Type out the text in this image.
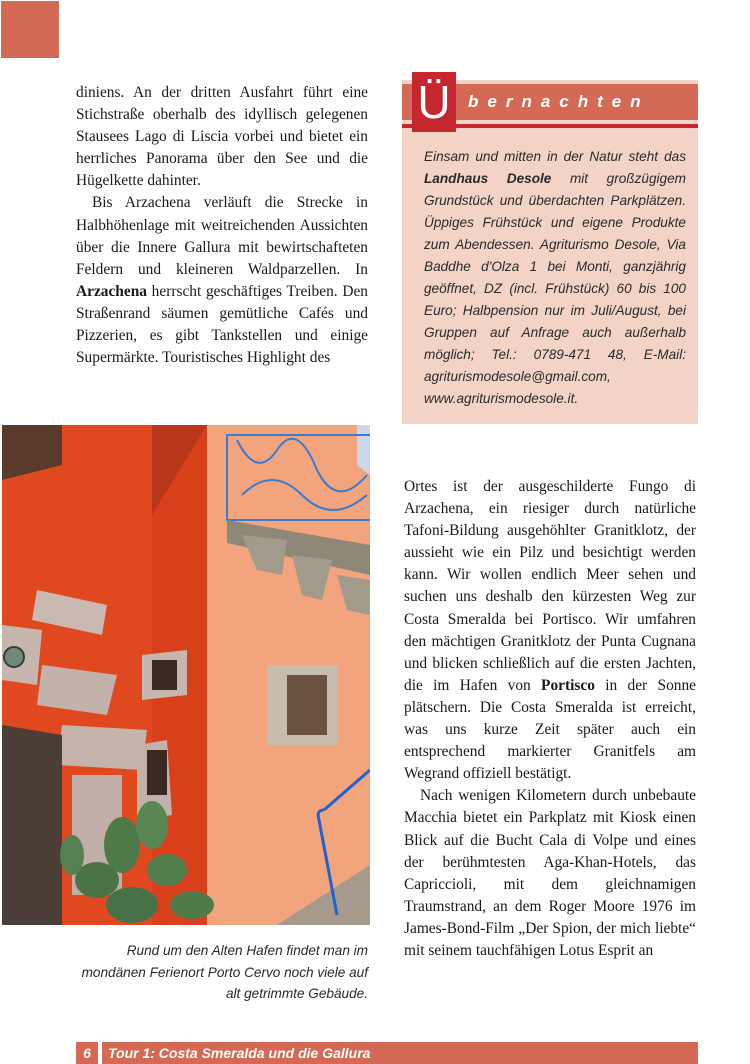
diniens. An der dritten Ausfahrt führt eine Stichstraße oberhalb des idyllisch gelegenen Stausees Lago di Liscia vorbei und bietet ein herrliches Panorama über den See und die Hügelkette dahinter.

Bis Arzachena verläuft die Strecke in Halbhöhenlage mit weitreichenden Aussichten über die Innere Gallura mit bewirtschafteten Feldern und kleineren Waldparzellen. In Arzachena herrscht geschäftiges Treiben. Den Straßenrand säumen gemütliche Cafés und Pizzerien, es gibt Tankstellen und einige Supermärkte. Touristisches Highlight des

Ü	bernachten

Einsam und mitten in der Natur steht das Landhaus Desole mit großzügigem Grundstück und überdachten Parkplätzen. Üppiges Frühstück und eigene Produkte zum Abendessen. Agriturismo Desole, Via Baddhe d'Olza 1 bei Monti, ganzjährig geöffnet, DZ (incl. Frühstück) 60 bis 100 Euro; Halbpension nur im Juli/August, bei Gruppen auf Anfrage auch außerhalb möglich; Tel.: 0789-471 48, E-Mail: agriturismodesole@gmail.com, www.agriturismodesole.it.

Rund um den Alten Hafen findet man im mondänen Ferienort Porto Cervo noch viele auf alt getrimmte Gebäude.

Ortes ist der ausgeschilderte Fungo di Arzachena, ein riesiger durch natürliche Tafoni-Bildung ausgehöhlter Granitklotz, der aussieht wie ein Pilz und besichtigt werden kann. Wir wollen endlich Meer sehen und suchen uns deshalb den kürzesten Weg zur Costa Smeralda bei Portisco. Wir umfahren den mächtigen Granitklotz der Punta Cugnana und blicken schließlich auf die ersten Jachten, die im Hafen von Portisco in der Sonne plätschern. Die Costa Smeralda ist erreicht, was uns kurze Zeit später auch ein entsprechend markierter Granitfels am Wegrand offiziell bestätigt.

Nach wenigen Kilometern durch unbebaute Macchia bietet ein Parkplatz mit Kiosk einen Blick auf die Bucht Cala di Volpe und eines der berühmtesten Aga-Khan-Hotels, das Capriccioli, mit dem gleichnamigen Traumstrand, an dem Roger Moore 1976 im James-Bond-Film „Der Spion, der mich liebte“ mit seinem tauchfähigen Lotus Esprit an

6	Tour 1: Costa Smeralda und die Gallura
